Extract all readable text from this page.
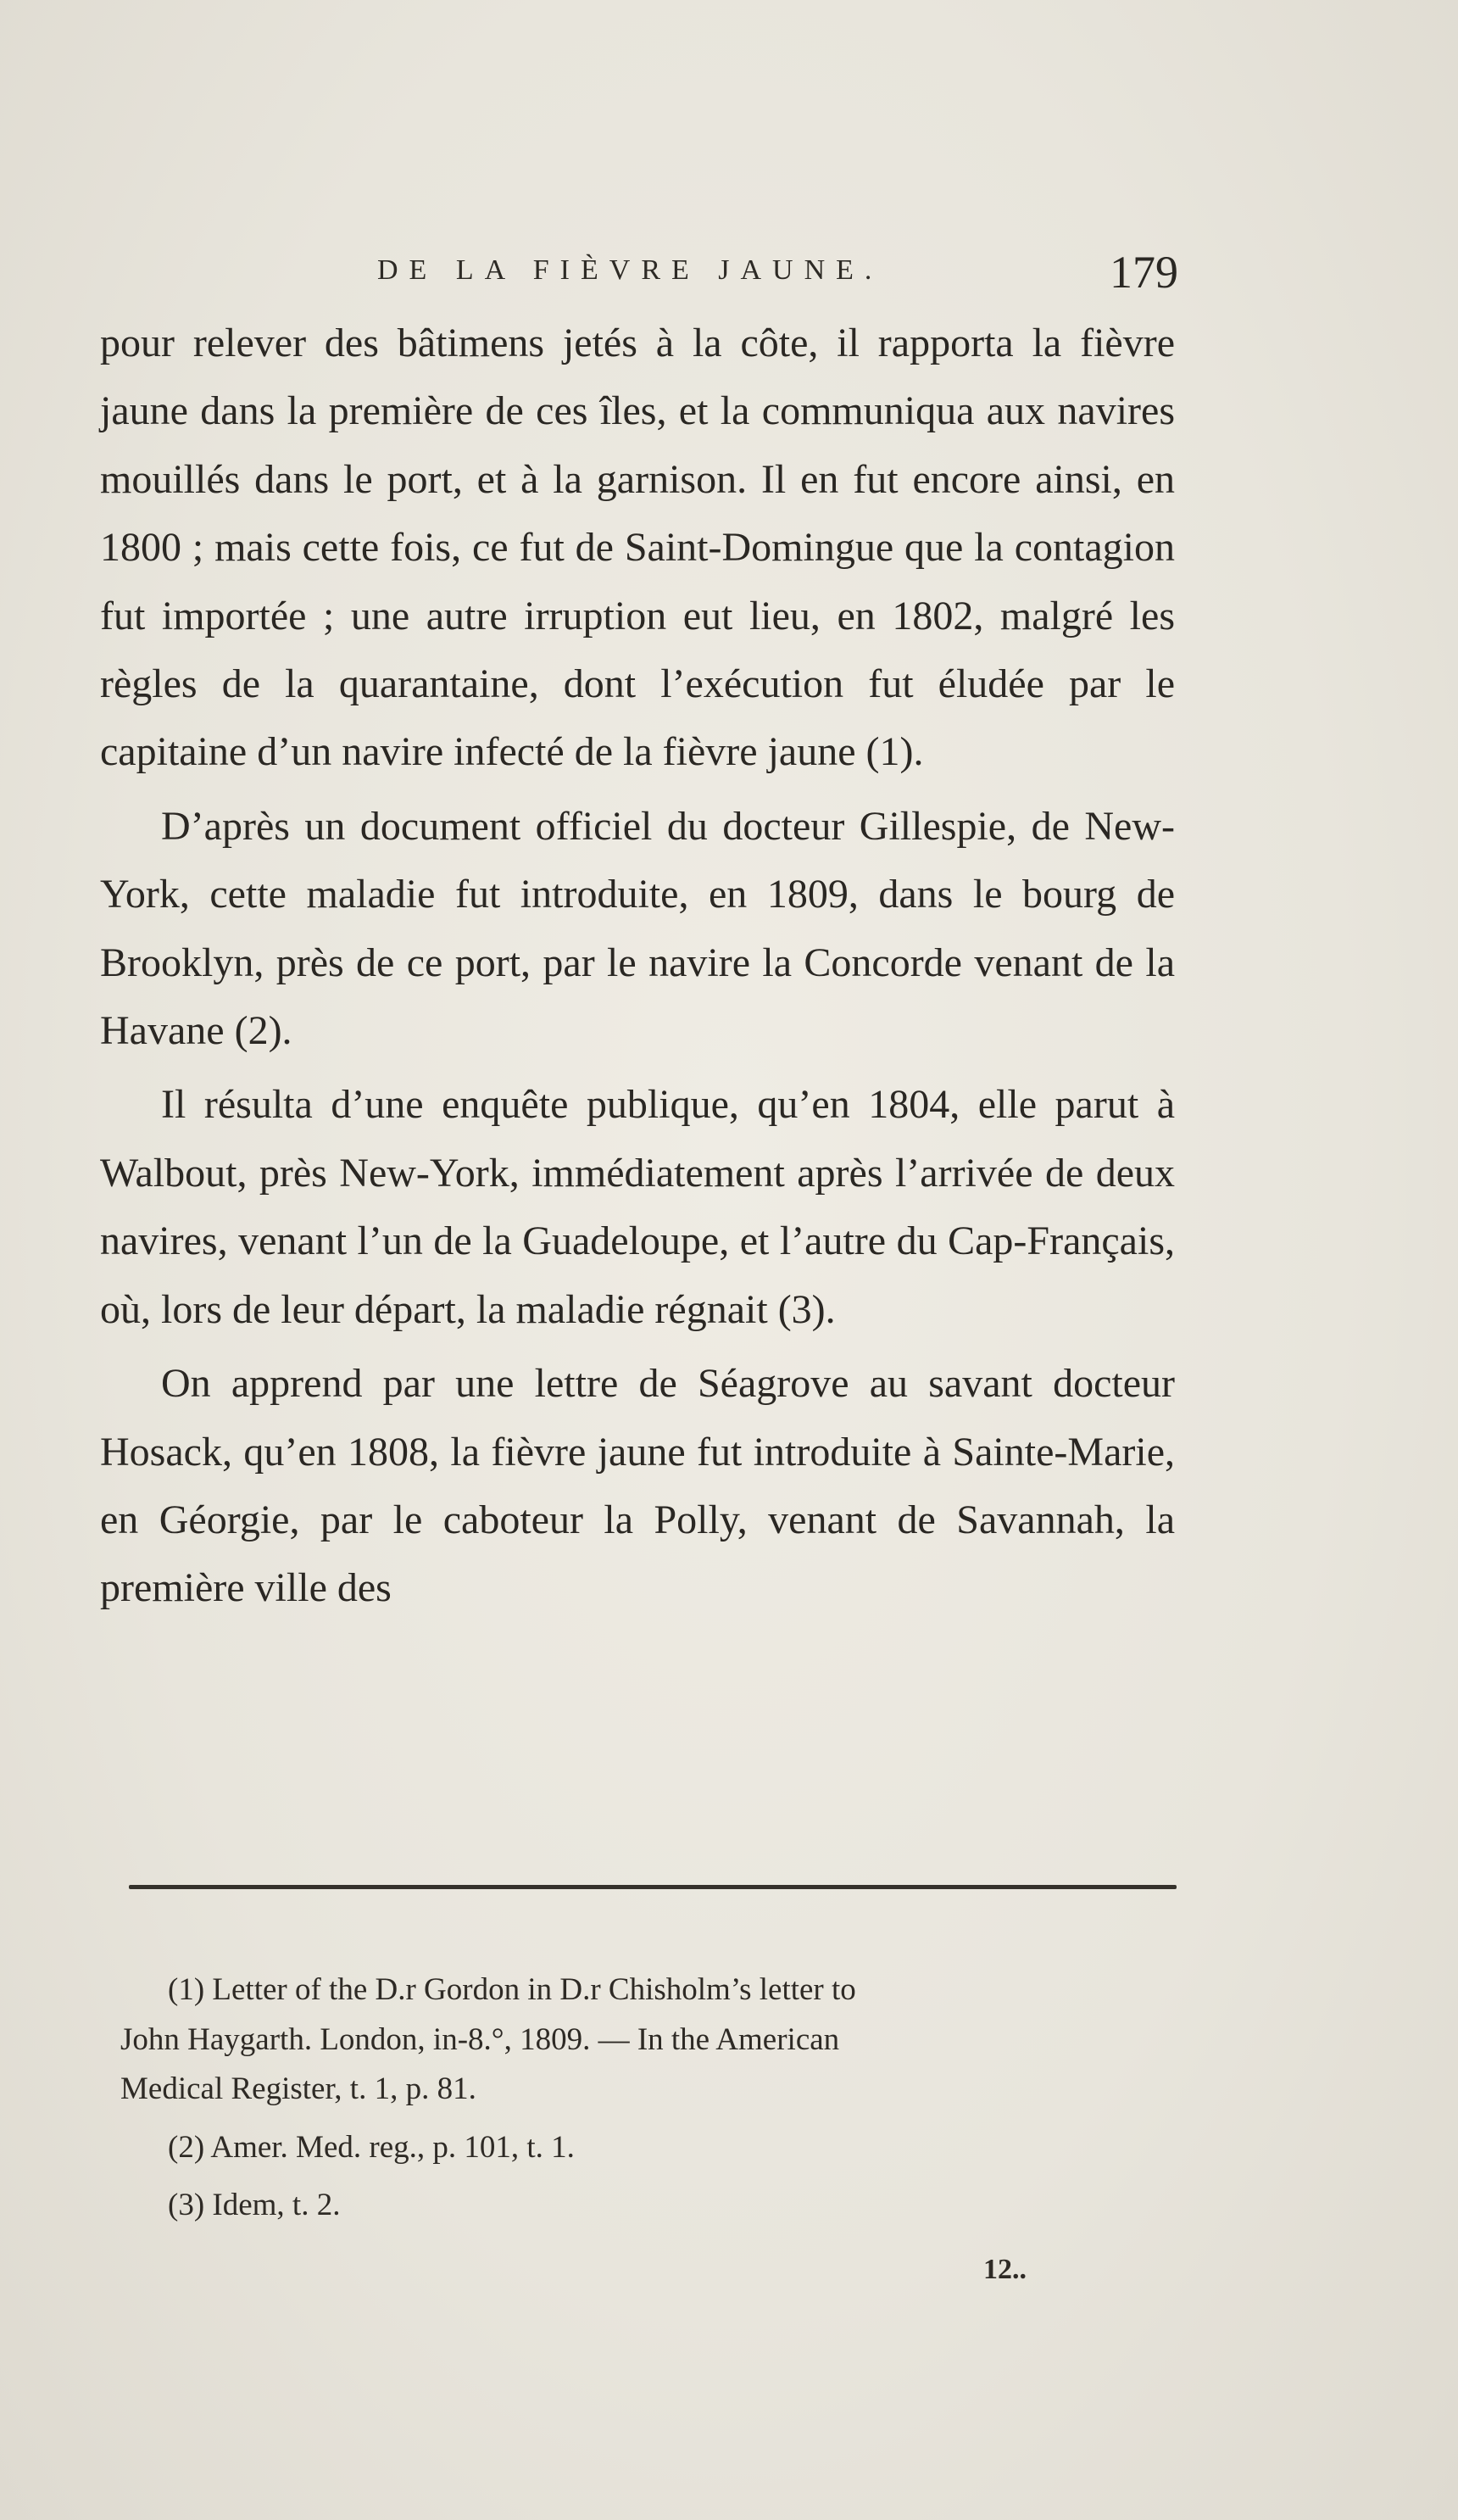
DE LA FIÈVRE JAUNE.	179

pour relever des bâtimens jetés à la côte, il rapporta la fièvre jaune dans la première de ces îles, et la communiqua aux navires mouillés dans le port, et à la garnison. Il en fut encore ainsi, en 1800 ; mais cette fois, ce fut de Saint-Domingue que la contagion fut importée ; une autre irruption eut lieu, en 1802, malgré les règles de la quarantaine, dont l’exécution fut éludée par le capitaine d’un navire infecté de la fièvre jaune (1).

D’après un document officiel du docteur Gillespie, de New-York, cette maladie fut introduite, en 1809, dans le bourg de Brooklyn, près de ce port, par le navire la Concorde venant de la Havane (2).

Il résulta d’une enquête publique, qu’en 1804, elle parut à Walbout, près New-York, immédiatement après l’arrivée de deux navires, venant l’un de la Guadeloupe, et l’autre du Cap-Français, où, lors de leur départ, la maladie régnait (3).

On apprend par une lettre de Séagrove au savant docteur Hosack, qu’en 1808, la fièvre jaune fut introduite à Sainte-Marie, en Géorgie, par le caboteur la Polly, venant de Savannah, la première ville des

(1) Letter of the D.r Gordon in D.r Chisholm’s letter to
John Haygarth. London, in-8.°, 1809. — In the American
Medical Register, t. 1, p. 81.
(2) Amer. Med. reg., p. 101, t. 1.
(3) Idem, t. 2.
12..
